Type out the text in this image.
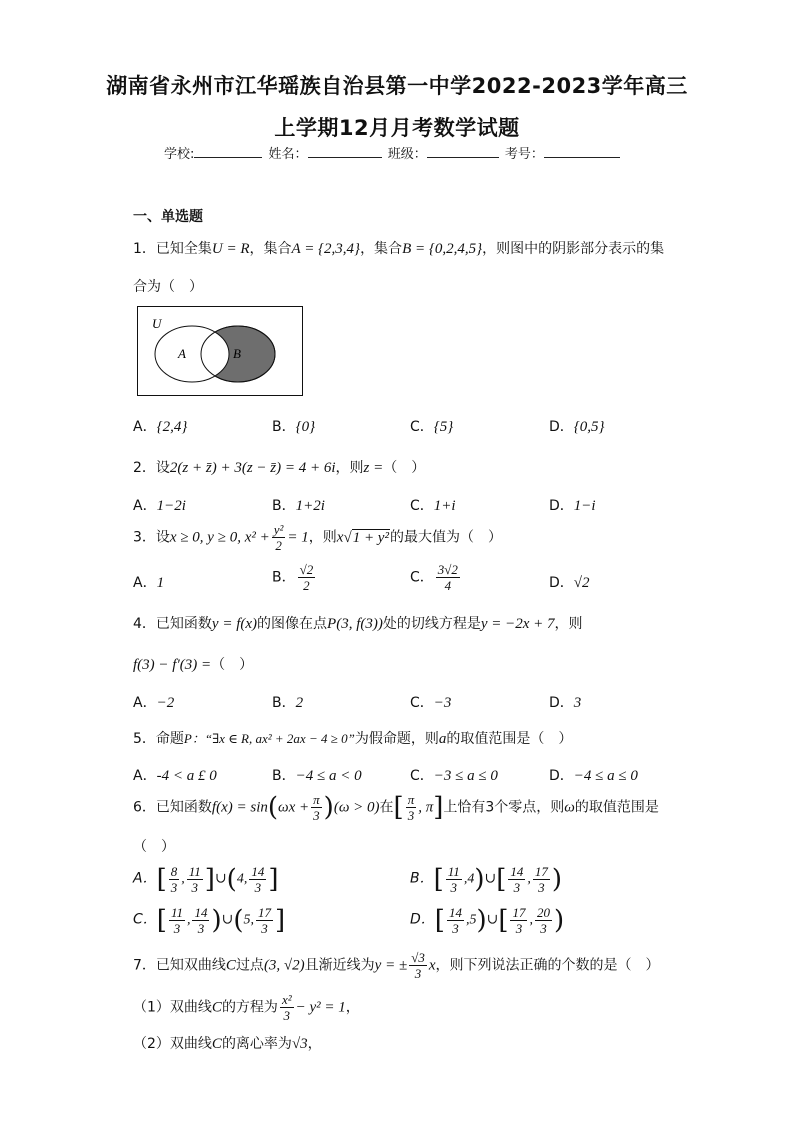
湖南省永州市江华瑶族自治县第一中学2022-2023学年高三
上学期12月月考数学试题
学校:	姓名：	班级：	考号：
一、单选题
1．已知全集U = R，集合A = {2,3,4}，集合B = {0,2,4,5}，则图中的阴影部分表示的集
合为（　）
U
A	B
A．{2,4}	B．{0}	C．{5}	D．{0,5}
2．设2(z + z̄) + 3(z − z̄) = 4 + 6i，则z =（　）
A．1−2i	B．1+2i	C．1+i	D．1−i
3．设x ≥ 0, y ≥ 0, $x^2 + \frac{\text{y²}}{2} = 1$，则x√1 + y²的最大值为（　）
A．1	B． $\frac{√2}{2}$	C． $\frac{3√2}{4}$	D．√2
4．已知函数y = f(x)的图像在点P(3, f(3))处的切线方程是y = −2x + 7，则
f(3) − f′(3) =（　）
A．−2	B．2	C．−3	D．3
5．命题P：“∃x ∈ R, ax² + 2ax − 4 ≥ 0”为假命题，则a的取值范围是（　）
A．-4 < a £ 0	B．−4 ≤ a < 0	C．−3 ≤ a ≤ 0	D．−4 ≤ a ≤ 0
6．已知函数$f(x) = \sin(\omega x + \frac{\pi}{3} )(\omega > 0)$在[ $\frac{\pi}{3}$ , π]上恰有3个零点，则ω的取值范围是
（　）
A．[ $\frac{8}{3}$ , $\frac{11}{3}$ ]∪(4, $\frac{14}{3}$ ]	B．[ $\frac{11}{3}$ ,4)∪[ $\frac{14}{3}$ , $\frac{17}{3}$ )
C．[ $\frac{11}{3}$ , $\frac{14}{3}$ )∪(5, $\frac{17}{3}$ ]	D．[ $\frac{14}{3}$ ,5)∪[ $\frac{17}{3}$ , $\frac{20}{3}$ )
7．已知双曲线C过点(3, √2)且渐近线为y = ± $\frac{√3}{3}$ x，则下列说法正确的个数的是（　）
（1）双曲线C的方程为 $\frac{\text{x²}}{3} - y^2 = 1$，
（2）双曲线C的离心率为√3，
